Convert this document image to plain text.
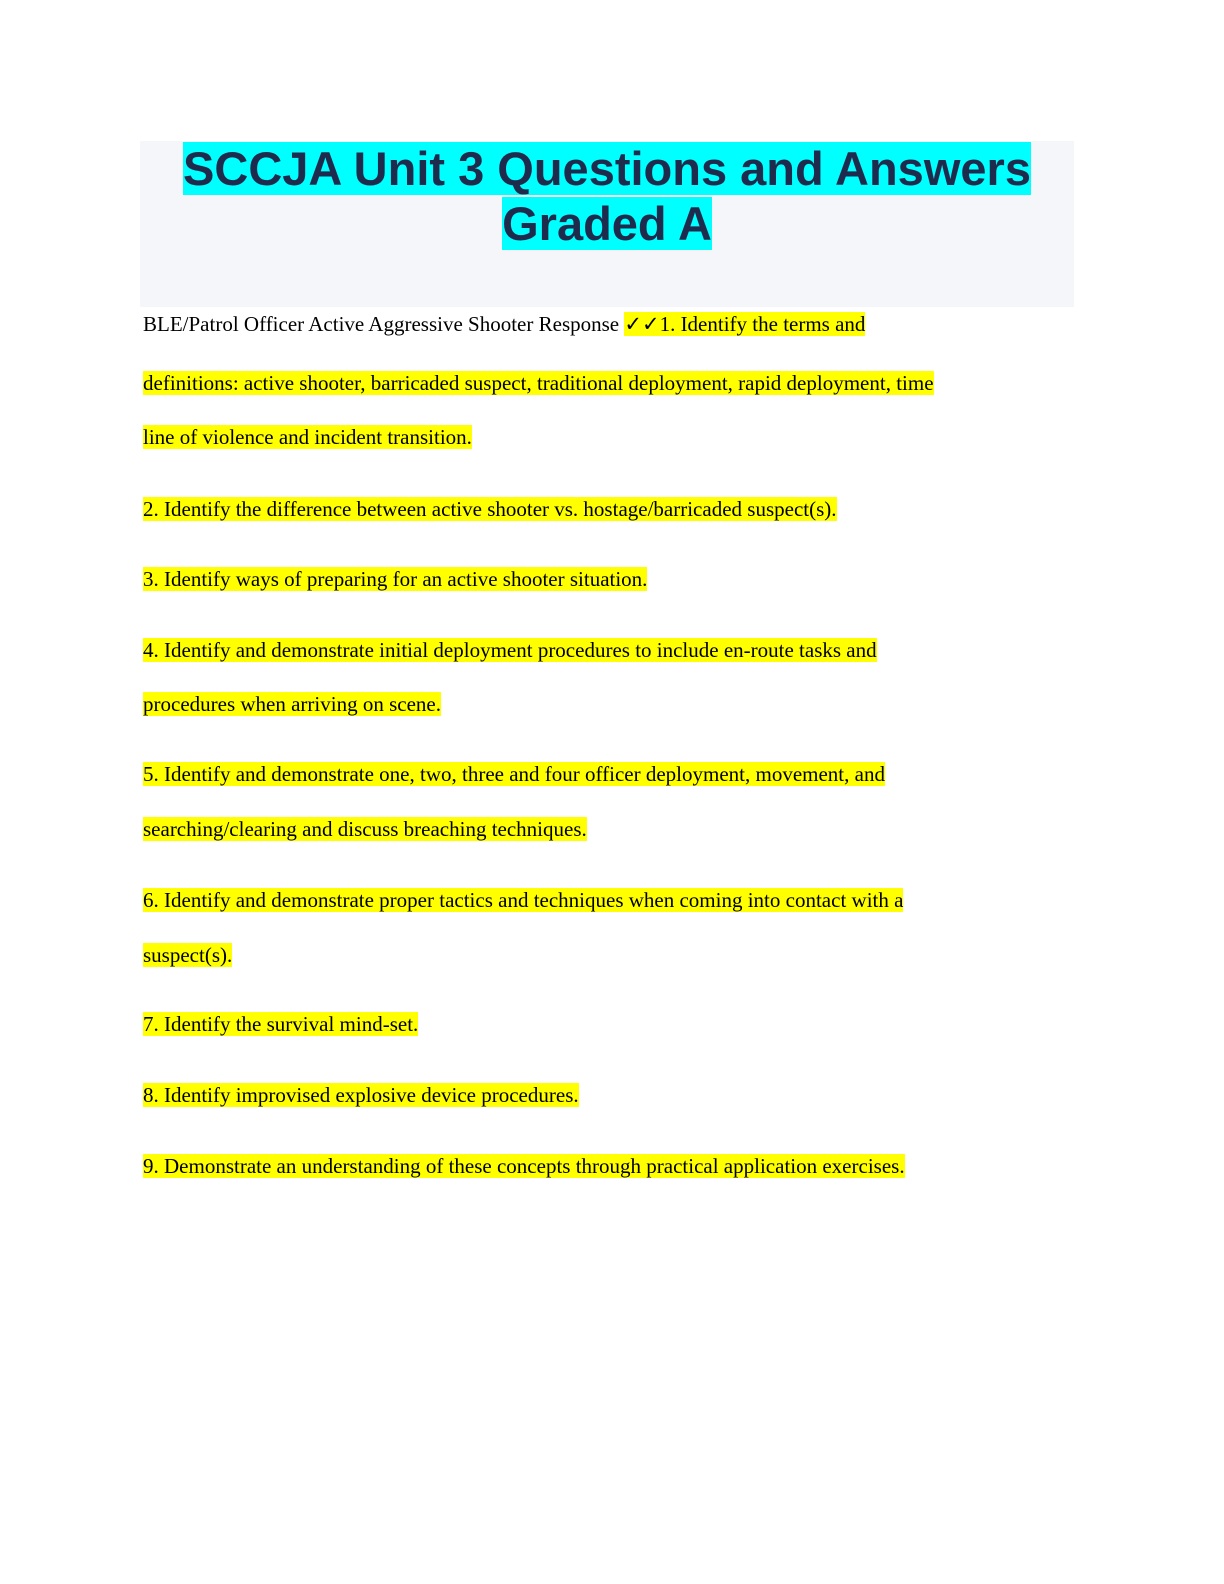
SCCJA Unit 3 Questions and Answers
Graded A

BLE/Patrol Officer Active Aggressive Shooter Response ✓✓1. Identify the terms and

definitions: active shooter, barricaded suspect, traditional deployment, rapid deployment, time

line of violence and incident transition.

2. Identify the difference between active shooter vs. hostage/barricaded suspect(s).

3. Identify ways of preparing for an active shooter situation.

4. Identify and demonstrate initial deployment procedures to include en-route tasks and

procedures when arriving on scene.

5. Identify and demonstrate one, two, three and four officer deployment, movement, and

searching/clearing and discuss breaching techniques.

6. Identify and demonstrate proper tactics and techniques when coming into contact with a

suspect(s).

7. Identify the survival mind-set.

8. Identify improvised explosive device procedures.

9. Demonstrate an understanding of these concepts through practical application exercises.
